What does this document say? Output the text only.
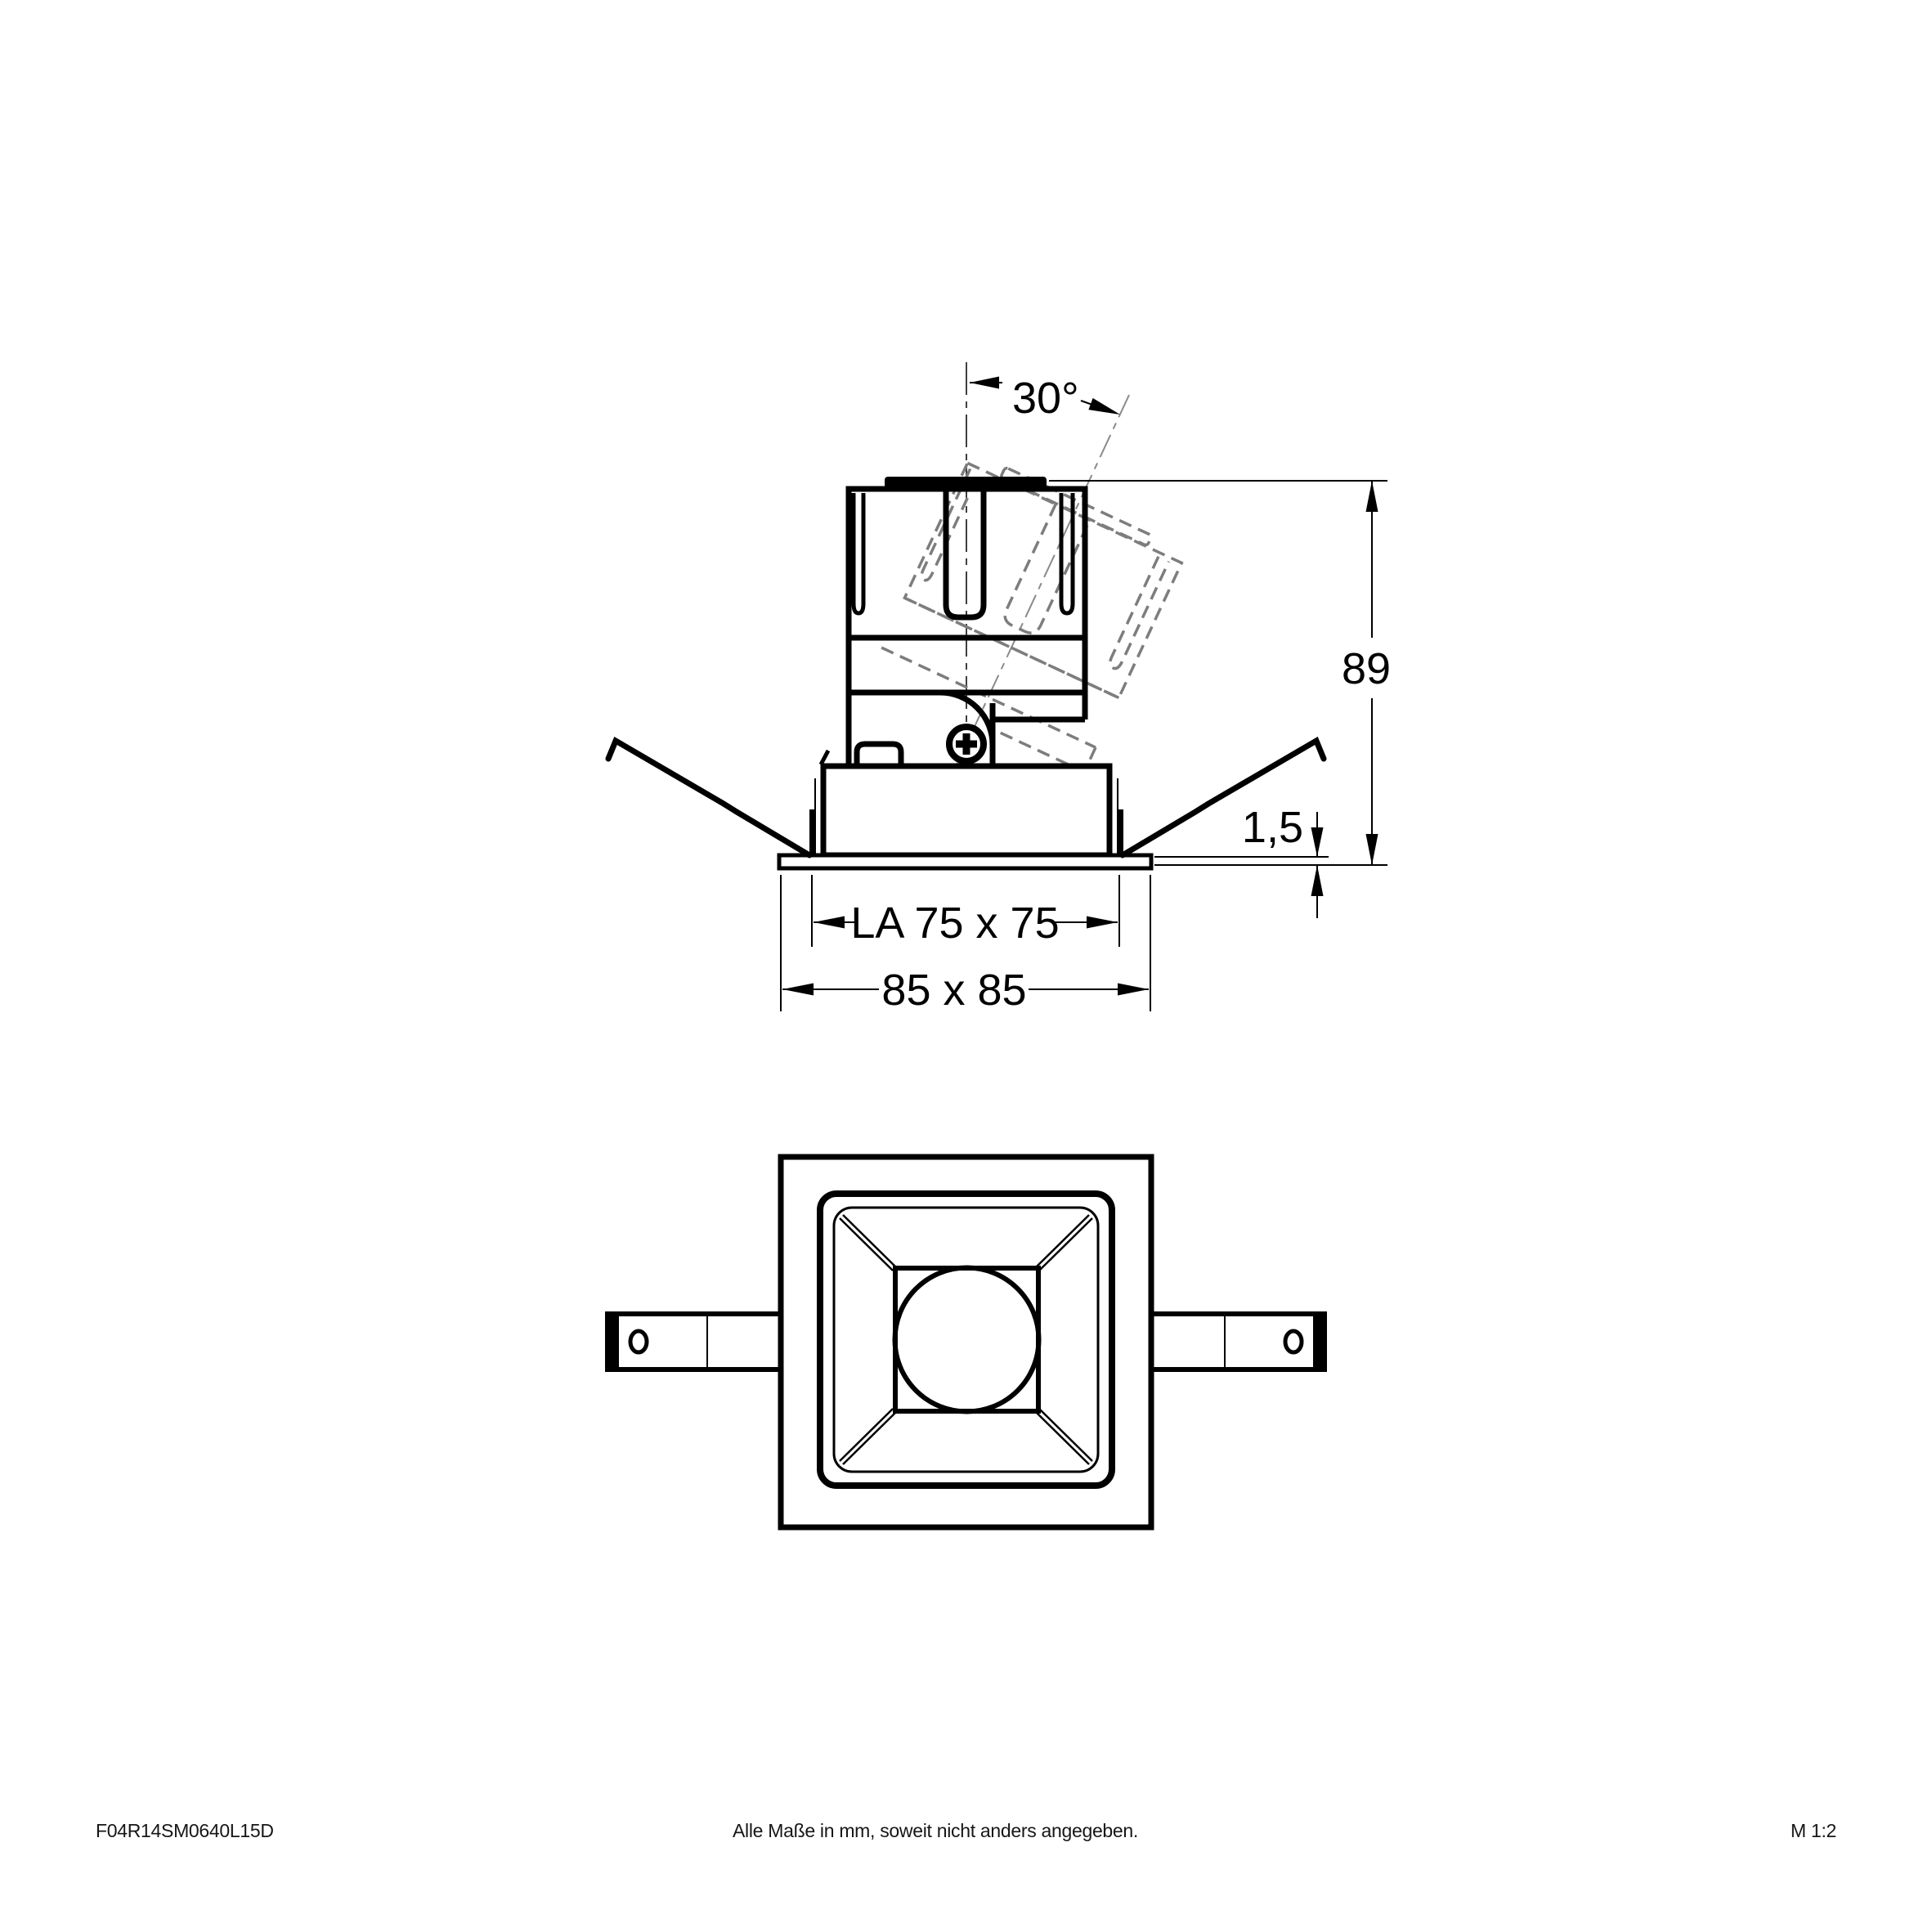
30°
89
1,5
LA 75 x 75
85 x 85
F04R14SM0640L15D	Alle Maße in mm, soweit nicht anders angegeben.	M 1:2
